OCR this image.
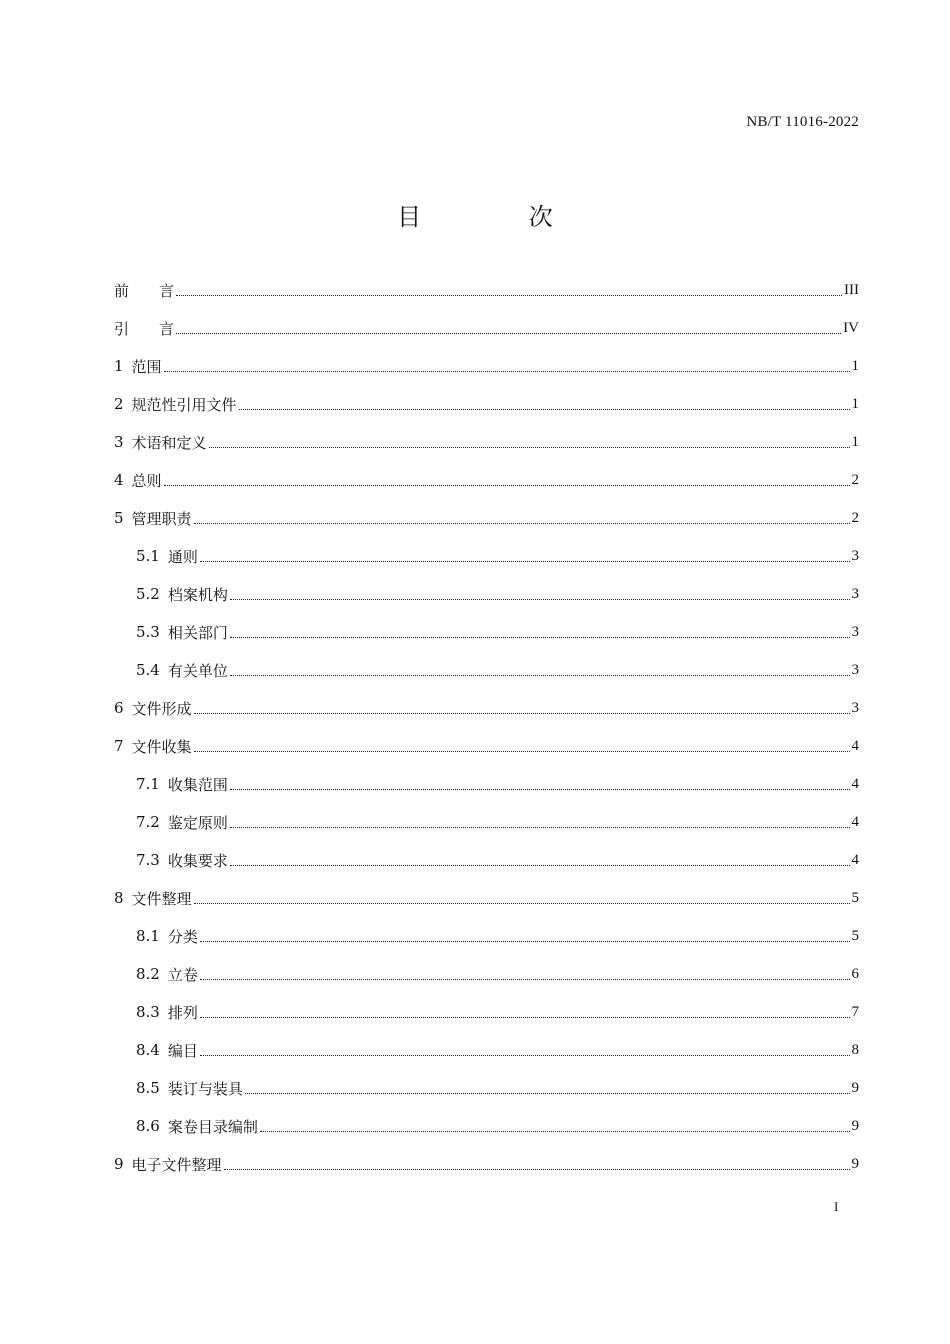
NB/T 11016-2022
目 次
前　　言	III
引　　言	IV
1 范围	1
2 规范性引用文件	1
3 术语和定义	1
4 总则	2
5 管理职责	2
5.1 通则	3
5.2 档案机构	3
5.3 相关部门	3
5.4 有关单位	3
6 文件形成	3
7 文件收集	4
7.1 收集范围	4
7.2 鉴定原则	4
7.3 收集要求	4
8 文件整理	5
8.1 分类	5
8.2 立卷	6
8.3 排列	7
8.4 编目	8
8.5 装订与装具	9
8.6 案卷目录编制	9
9 电子文件整理	9
I
